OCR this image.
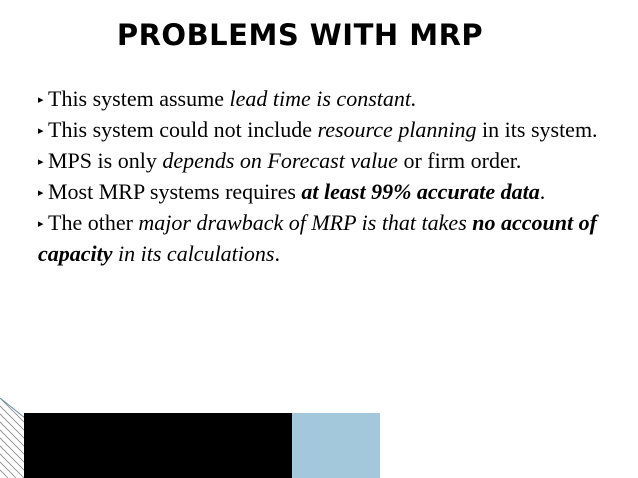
PROBLEMS WITH MRP

▸ This system assume lead time is constant.

▸ This system could not include resource planning in its system.

▸ MPS is only depends on Forecast value or firm order.

▸ Most MRP systems requires at least 99% accurate data.

▸ The other major drawback of MRP is that takes no account of capacity in its calculations.
